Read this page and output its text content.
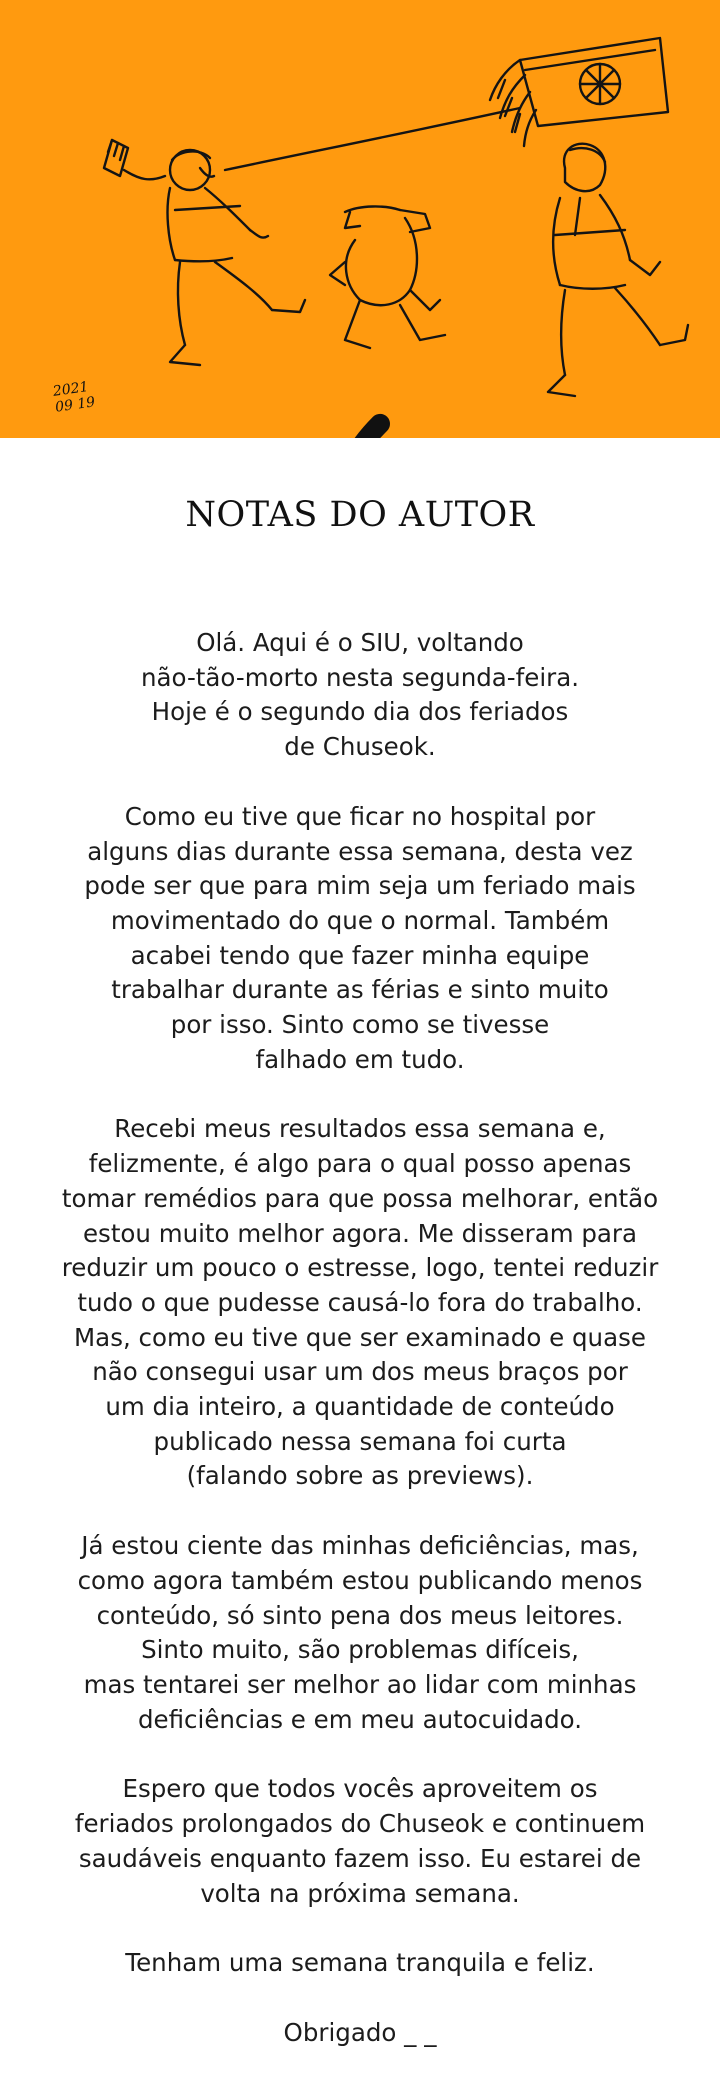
2021
09 19
NOTAS DO AUTOR

Olá. Aqui é o SIU, voltando
não-tão-morto nesta segunda-feira.
Hoje é o segundo dia dos feriados
de Chuseok.

Como eu tive que ficar no hospital por
alguns dias durante essa semana, desta vez
pode ser que para mim seja um feriado mais
movimentado do que o normal. Também
acabei tendo que fazer minha equipe
trabalhar durante as férias e sinto muito
por isso. Sinto como se tivesse
falhado em tudo.

Recebi meus resultados essa semana e,
felizmente, é algo para o qual posso apenas
tomar remédios para que possa melhorar, então
estou muito melhor agora. Me disseram para
reduzir um pouco o estresse, logo, tentei reduzir
tudo o que pudesse causá-lo fora do trabalho.
Mas, como eu tive que ser examinado e quase
não consegui usar um dos meus braços por
um dia inteiro, a quantidade de conteúdo
publicado nessa semana foi curta
(falando sobre as previews).

Já estou ciente das minhas deficiências, mas,
como agora também estou publicando menos
conteúdo, só sinto pena dos meus leitores.
Sinto muito, são problemas difíceis,
mas tentarei ser melhor ao lidar com minhas
deficiências e em meu autocuidado.

Espero que todos vocês aproveitem os
feriados prolongados do Chuseok e continuem
saudáveis enquanto fazem isso. Eu estarei de
volta na próxima semana.

Tenham uma semana tranquila e feliz.

Obrigado _ _
